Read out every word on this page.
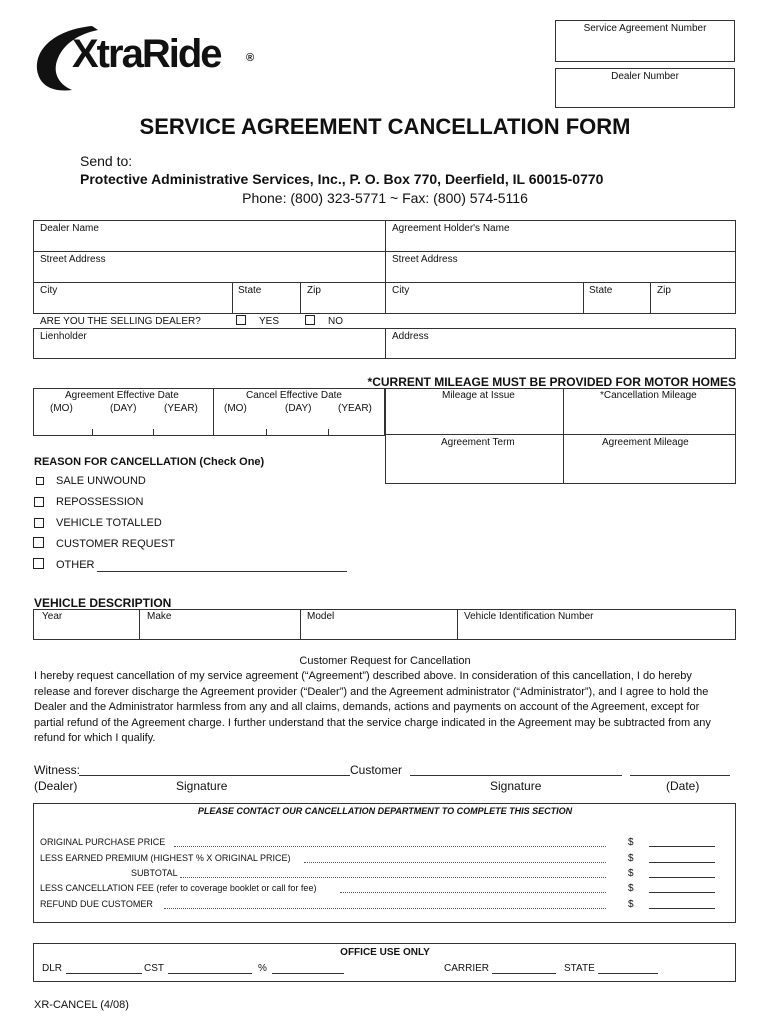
XtraRide ®
Service Agreement Number
Dealer Number
SERVICE AGREEMENT CANCELLATION FORM
Send to:
Protective Administrative Services, Inc., P. O. Box 770, Deerfield, IL 60015-0770
Phone: (800) 323-5771 ~ Fax: (800) 574-5116
Dealer Name	Agreement Holder's Name
Street Address	Street Address
City	State	Zip	City	State	Zip
ARE YOU THE SELLING DEALER?	YES	NO
Lienholder	Address
*CURRENT MILEAGE MUST BE PROVIDED FOR MOTOR HOMES
Agreement Effective Date	Cancel Effective Date
(MO)	(DAY)	(YEAR)	(MO)	(DAY)	(YEAR)
Mileage at Issue	*Cancellation Mileage
Agreement Term	Agreement Mileage
REASON FOR CANCELLATION (Check One)
SALE UNWOUND
REPOSSESSION
VEHICLE TOTALLED
CUSTOMER REQUEST
OTHER
VEHICLE DESCRIPTION
Year	Make	Model	Vehicle Identification Number
Customer Request for Cancellation
I hereby request cancellation of my service agreement (“Agreement”) described above. In consideration of this cancellation, I do hereby
release and forever discharge the Agreement provider (“Dealer”) and the Agreement administrator (“Administrator”), and I agree to hold the
Dealer and the Administrator harmless from any and all claims, demands, actions and payments on account of the Agreement, except for
partial refund of the Agreement charge. I further understand that the service charge indicated in the Agreement may be subtracted from any
refund for which I qualify.
Witness:	Customer
(Dealer)	Signature	Signature	(Date)
PLEASE CONTACT OUR CANCELLATION DEPARTMENT TO COMPLETE THIS SECTION
ORIGINAL PURCHASE PRICE	$
LESS EARNED PREMIUM (HIGHEST % X ORIGINAL PRICE)	$
SUBTOTAL	$
LESS CANCELLATION FEE (refer to coverage booklet or call for fee)	$
REFUND DUE CUSTOMER	$
OFFICE USE ONLY
DLR	CST	%	CARRIER	STATE
XR-CANCEL (4/08)
